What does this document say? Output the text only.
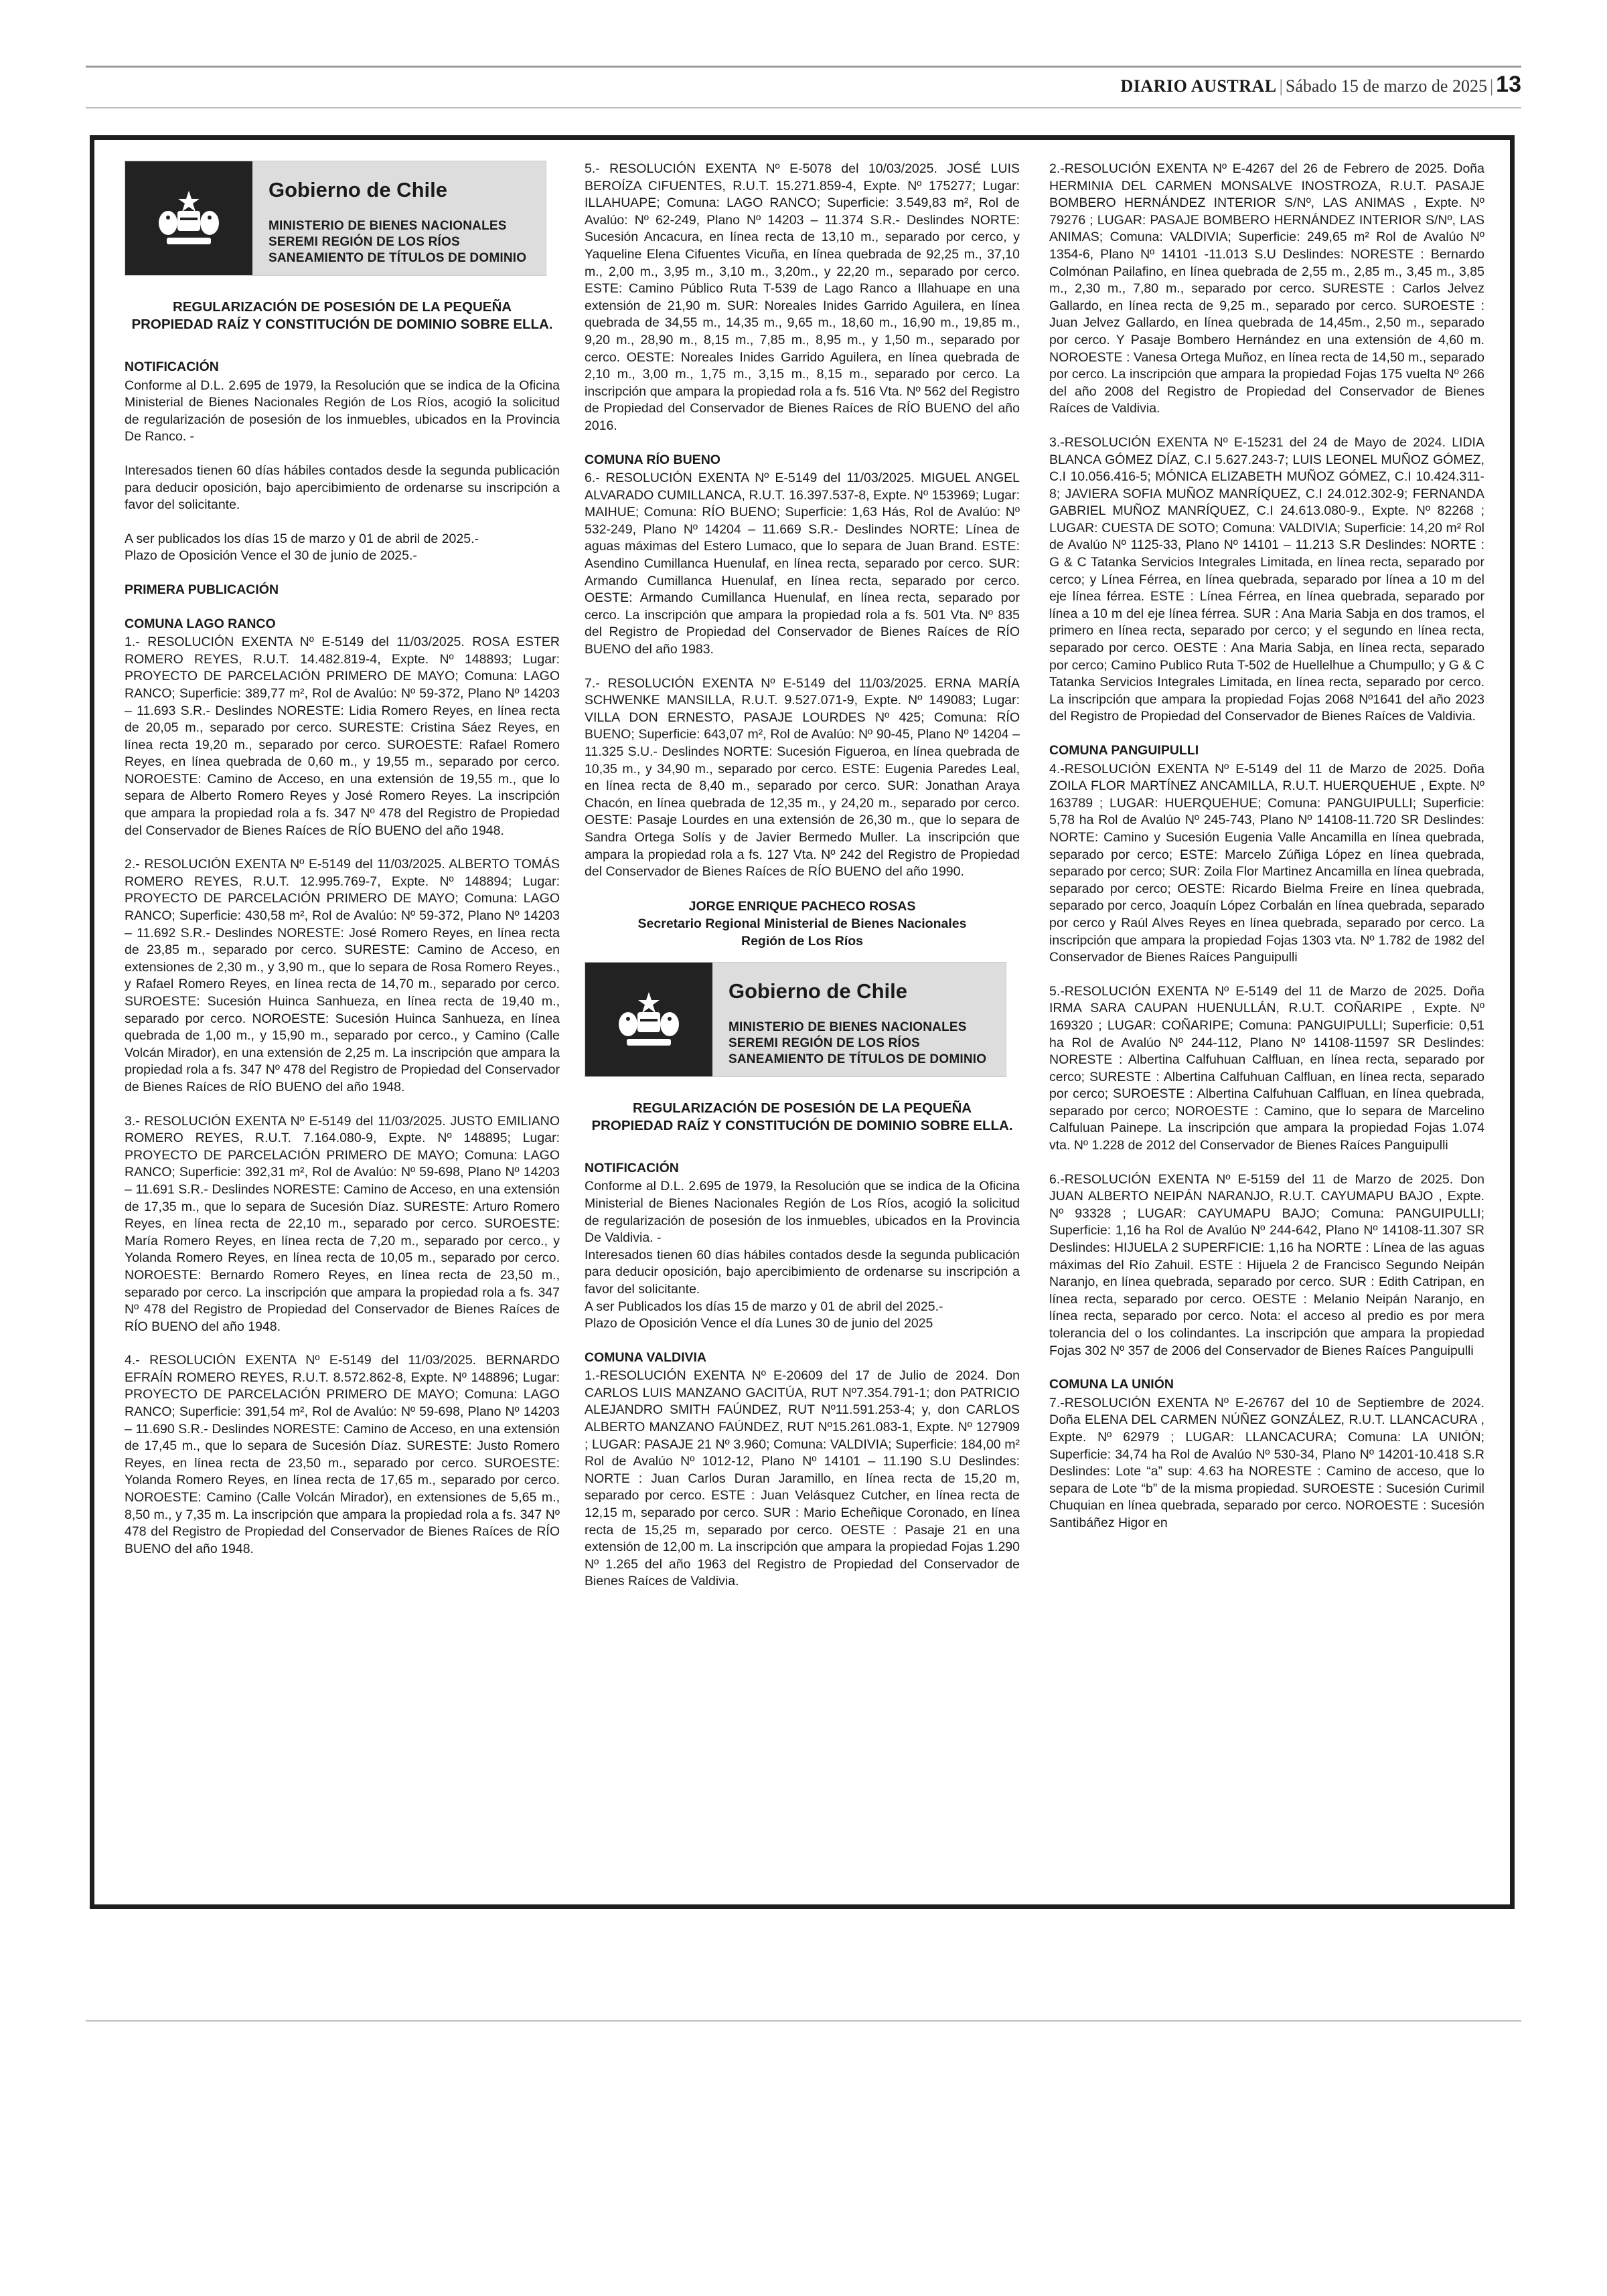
DIARIO AUSTRAL | Sábado 15 de marzo de 2025 | 13
Gobierno de Chile
MINISTERIO DE BIENES NACIONALES
SEREMI REGIÓN DE LOS RÍOS
SANEAMIENTO DE TÍTULOS DE DOMINIO
REGULARIZACIÓN DE POSESIÓN DE LA PEQUEÑA
PROPIEDAD RAÍZ Y CONSTITUCIÓN DE DOMINIO SOBRE ELLA.
NOTIFICACIÓN

Conforme al D.L. 2.695 de 1979, la Resolución que se indica de la Oficina Ministerial de Bienes Nacionales Región de Los Ríos, acogió la solicitud de regularización de posesión de los inmuebles, ubicados en la Provincia De Ranco. -

Interesados tienen 60 días hábiles contados desde la segunda publicación para deducir oposición, bajo apercibimiento de ordenarse su inscripción a favor del solicitante.

A ser publicados los días 15 de marzo y 01 de abril de 2025.-
Plazo de Oposición Vence el 30 de junio de 2025.-

PRIMERA PUBLICACIÓN

COMUNA LAGO RANCO

1.- RESOLUCIÓN EXENTA Nº E-5149 del 11/03/2025. ROSA ESTER ROMERO REYES, R.U.T. 14.482.819-4, Expte. Nº 148893; Lugar: PROYECTO DE PARCELACIÓN PRIMERO DE MAYO; Comuna: LAGO RANCO; Superficie: 389,77 m², Rol de Avalúo: Nº 59-372, Plano Nº 14203 – 11.693 S.R.- Deslindes NORESTE: Lidia Romero Reyes, en línea recta de 20,05 m., separado por cerco. SURESTE: Cristina Sáez Reyes, en línea recta 19,20 m., separado por cerco. SUROESTE: Rafael Romero Reyes, en línea quebrada de 0,60 m., y 19,55 m., separado por cerco. NOROESTE: Camino de Acceso, en una extensión de 19,55 m., que lo separa de Alberto Romero Reyes y José Romero Reyes. La inscripción que ampara la propiedad rola a fs. 347 Nº 478 del Registro de Propiedad del Conservador de Bienes Raíces de RÍO BUENO del año 1948.

2.- RESOLUCIÓN EXENTA Nº E-5149 del 11/03/2025. ALBERTO TOMÁS ROMERO REYES, R.U.T. 12.995.769-7, Expte. Nº 148894; Lugar: PROYECTO DE PARCELACIÓN PRIMERO DE MAYO; Comuna: LAGO RANCO; Superficie: 430,58 m², Rol de Avalúo: Nº 59-372, Plano Nº 14203 – 11.692 S.R.- Deslindes NORESTE: José Romero Reyes, en línea recta de 23,85 m., separado por cerco. SURESTE: Camino de Acceso, en extensiones de 2,30 m., y 3,90 m., que lo separa de Rosa Romero Reyes., y Rafael Romero Reyes, en línea recta de 14,70 m., separado por cerco. SUROESTE: Sucesión Huinca Sanhueza, en línea recta de 19,40 m., separado por cerco. NOROESTE: Sucesión Huinca Sanhueza, en línea quebrada de 1,00 m., y 15,90 m., separado por cerco., y Camino (Calle Volcán Mirador), en una extensión de 2,25 m. La inscripción que ampara la propiedad rola a fs. 347 Nº 478 del Registro de Propiedad del Conservador de Bienes Raíces de RÍO BUENO del año 1948.

3.- RESOLUCIÓN EXENTA Nº E-5149 del 11/03/2025. JUSTO EMILIANO ROMERO REYES, R.U.T. 7.164.080-9, Expte. Nº 148895; Lugar: PROYECTO DE PARCELACIÓN PRIMERO DE MAYO; Comuna: LAGO RANCO; Superficie: 392,31 m², Rol de Avalúo: Nº 59-698, Plano Nº 14203 – 11.691 S.R.- Deslindes NORESTE: Camino de Acceso, en una extensión de 17,35 m., que lo separa de Sucesión Díaz. SURESTE: Arturo Romero Reyes, en línea recta de 22,10 m., separado por cerco. SUROESTE: María Romero Reyes, en línea recta de 7,20 m., separado por cerco., y Yolanda Romero Reyes, en línea recta de 10,05 m., separado por cerco. NOROESTE: Bernardo Romero Reyes, en línea recta de 23,50 m., separado por cerco. La inscripción que ampara la propiedad rola a fs. 347 Nº 478 del Registro de Propiedad del Conservador de Bienes Raíces de RÍO BUENO del año 1948.

4.- RESOLUCIÓN EXENTA Nº E-5149 del 11/03/2025. BERNARDO EFRAÍN ROMERO REYES, R.U.T. 8.572.862-8, Expte. Nº 148896; Lugar: PROYECTO DE PARCELACIÓN PRIMERO DE MAYO; Comuna: LAGO RANCO; Superficie: 391,54 m², Rol de Avalúo: Nº 59-698, Plano Nº 14203 – 11.690 S.R.- Deslindes NORESTE: Camino de Acceso, en una extensión de 17,45 m., que lo separa de Sucesión Díaz. SURESTE: Justo Romero Reyes, en línea recta de 23,50 m., separado por cerco. SUROESTE: Yolanda Romero Reyes, en línea recta de 17,65 m., separado por cerco. NOROESTE: Camino (Calle Volcán Mirador), en extensiones de 5,65 m., 8,50 m., y 7,35 m. La inscripción que ampara la propiedad rola a fs. 347 Nº 478 del Registro de Propiedad del Conservador de Bienes Raíces de RÍO BUENO del año 1948.

5.- RESOLUCIÓN EXENTA Nº E-5078 del 10/03/2025. JOSÉ LUIS BEROÍZA CIFUENTES, R.U.T. 15.271.859-4, Expte. Nº 175277; Lugar: ILLAHUAPE; Comuna: LAGO RANCO; Superficie: 3.549,83 m², Rol de Avalúo: Nº 62-249, Plano Nº 14203 – 11.374 S.R.- Deslindes NORTE: Sucesión Ancacura, en línea recta de 13,10 m., separado por cerco, y Yaqueline Elena Cifuentes Vicuña, en línea quebrada de 92,25 m., 37,10 m., 2,00 m., 3,95 m., 3,10 m., 3,20m., y 22,20 m., separado por cerco. ESTE: Camino Público Ruta T-539 de Lago Ranco a Illahuape en una extensión de 21,90 m. SUR: Noreales Inides Garrido Aguilera, en línea quebrada de 34,55 m., 14,35 m., 9,65 m., 18,60 m., 16,90 m., 19,85 m., 9,20 m., 28,90 m., 8,15 m., 7,85 m., 8,95 m., y 1,50 m., separado por cerco. OESTE: Noreales Inides Garrido Aguilera, en línea quebrada de 2,10 m., 3,00 m., 1,75 m., 3,15 m., 8,15 m., separado por cerco. La inscripción que ampara la propiedad rola a fs. 516 Vta. Nº 562 del Registro de Propiedad del Conservador de Bienes Raíces de RÍO BUENO del año 2016.

COMUNA RÍO BUENO

6.- RESOLUCIÓN EXENTA Nº E-5149 del 11/03/2025. MIGUEL ANGEL ALVARADO CUMILLANCA, R.U.T. 16.397.537-8, Expte. Nº 153969; Lugar: MAIHUE; Comuna: RÍO BUENO; Superficie: 1,63 Hás, Rol de Avalúo: Nº 532-249, Plano Nº 14204 – 11.669 S.R.- Deslindes NORTE: Línea de aguas máximas del Estero Lumaco, que lo separa de Juan Brand. ESTE: Asendino Cumillanca Huenulaf, en línea recta, separado por cerco. SUR: Armando Cumillanca Huenulaf, en línea recta, separado por cerco. OESTE: Armando Cumillanca Huenulaf, en línea recta, separado por cerco. La inscripción que ampara la propiedad rola a fs. 501 Vta. Nº 835 del Registro de Propiedad del Conservador de Bienes Raíces de RÍO BUENO del año 1983.

7.- RESOLUCIÓN EXENTA Nº E-5149 del 11/03/2025. ERNA MARÍA SCHWENKE MANSILLA, R.U.T. 9.527.071-9, Expte. Nº 149083; Lugar: VILLA DON ERNESTO, PASAJE LOURDES Nº 425; Comuna: RÍO BUENO; Superficie: 643,07 m², Rol de Avalúo: Nº 90-45, Plano Nº 14204 – 11.325 S.U.- Deslindes NORTE: Sucesión Figueroa, en línea quebrada de 10,35 m., y 34,90 m., separado por cerco. ESTE: Eugenia Paredes Leal, en línea recta de 8,40 m., separado por cerco. SUR: Jonathan Araya Chacón, en línea quebrada de 12,35 m., y 24,20 m., separado por cerco. OESTE: Pasaje Lourdes en una extensión de 26,30 m., que lo separa de Sandra Ortega Solís y de Javier Bermedo Muller. La inscripción que ampara la propiedad rola a fs. 127 Vta. Nº 242 del Registro de Propiedad del Conservador de Bienes Raíces de RÍO BUENO del año 1990.

JORGE ENRIQUE PACHECO ROSAS
Secretario Regional Ministerial de Bienes Nacionales
Región de Los Ríos
Gobierno de Chile
MINISTERIO DE BIENES NACIONALES
SEREMI REGIÓN DE LOS RÍOS
SANEAMIENTO DE TÍTULOS DE DOMINIO
REGULARIZACIÓN DE POSESIÓN DE LA PEQUEÑA
PROPIEDAD RAÍZ Y CONSTITUCIÓN DE DOMINIO SOBRE ELLA.
NOTIFICACIÓN

Conforme al D.L. 2.695 de 1979, la Resolución que se indica de la Oficina Ministerial de Bienes Nacionales Región de Los Ríos, acogió la solicitud de regularización de posesión de los inmuebles, ubicados en la Provincia De Valdivia. -

Interesados tienen 60 días hábiles contados desde la segunda publicación para deducir oposición, bajo apercibimiento de ordenarse su inscripción a favor del solicitante.

A ser Publicados los días 15 de marzo y 01 de abril del 2025.-
Plazo de Oposición Vence el día Lunes 30 de junio del 2025

COMUNA VALDIVIA

1.-RESOLUCIÓN EXENTA Nº E-20609 del 17 de Julio de 2024. Don CARLOS LUIS MANZANO GACITÚA, RUT Nº7.354.791-1; don PATRICIO ALEJANDRO SMITH FAÚNDEZ, RUT Nº11.591.253-4; y, don CARLOS ALBERTO MANZANO FAÚNDEZ, RUT Nº15.261.083-1, Expte. Nº 127909 ; LUGAR: PASAJE 21 Nº 3.960; Comuna: VALDIVIA; Superficie: 184,00 m² Rol de Avalúo Nº 1012-12, Plano Nº 14101 – 11.190 S.U Deslindes: NORTE : Juan Carlos Duran Jaramillo, en línea recta de 15,20 m, separado por cerco. ESTE : Juan Velásquez Cutcher, en línea recta de 12,15 m, separado por cerco. SUR : Mario Echeñique Coronado, en línea recta de 15,25 m, separado por cerco. OESTE : Pasaje 21 en una extensión de 12,00 m. La inscripción que ampara la propiedad Fojas 1.290 Nº 1.265 del año 1963 del Registro de Propiedad del Conservador de Bienes Raíces de Valdivia.

2.-RESOLUCIÓN EXENTA Nº E-4267 del 26 de Febrero de 2025. Doña HERMINIA DEL CARMEN MONSALVE INOSTROZA, R.U.T. PASAJE BOMBERO HERNÁNDEZ INTERIOR S/Nº, LAS ANIMAS , Expte. Nº 79276 ; LUGAR: PASAJE BOMBERO HERNÁNDEZ INTERIOR S/Nº, LAS ANIMAS; Comuna: VALDIVIA; Superficie: 249,65 m² Rol de Avalúo Nº 1354-6, Plano Nº 14101 -11.013 S.U Deslindes: NORESTE : Bernardo Colmónan Pailafino, en línea quebrada de 2,55 m., 2,85 m., 3,45 m., 3,85 m., 2,30 m., 7,80 m., separado por cerco. SURESTE : Carlos Jelvez Gallardo, en línea recta de 9,25 m., separado por cerco. SUROESTE : Juan Jelvez Gallardo, en línea quebrada de 14,45m., 2,50 m., separado por cerco. Y Pasaje Bombero Hernández en una extensión de 4,60 m. NOROESTE : Vanesa Ortega Muñoz, en línea recta de 14,50 m., separado por cerco. La inscripción que ampara la propiedad Fojas 175 vuelta Nº 266 del año 2008 del Registro de Propiedad del Conservador de Bienes Raíces de Valdivia.

3.-RESOLUCIÓN EXENTA Nº E-15231 del 24 de Mayo de 2024. LIDIA BLANCA GÓMEZ DÍAZ, C.I 5.627.243-7; LUIS LEONEL MUÑOZ GÓMEZ, C.I 10.056.416-5; MÓNICA ELIZABETH MUÑOZ GÓMEZ, C.I 10.424.311-8; JAVIERA SOFIA MUÑOZ MANRÍQUEZ, C.I 24.012.302-9; FERNANDA GABRIEL MUÑOZ MANRÍQUEZ, C.I 24.613.080-9., Expte. Nº 82268 ; LUGAR: CUESTA DE SOTO; Comuna: VALDIVIA; Superficie: 14,20 m² Rol de Avalúo Nº 1125-33, Plano Nº 14101 – 11.213 S.R Deslindes: NORTE : G & C Tatanka Servicios Integrales Limitada, en línea recta, separado por cerco; y Línea Férrea, en línea quebrada, separado por línea a 10 m del eje línea férrea. ESTE : Línea Férrea, en línea quebrada, separado por línea a 10 m del eje línea férrea. SUR : Ana Maria Sabja en dos tramos, el primero en línea recta, separado por cerco; y el segundo en línea recta, separado por cerco. OESTE : Ana Maria Sabja, en línea recta, separado por cerco; Camino Publico Ruta T-502 de Huellelhue a Chumpullo; y G & C Tatanka Servicios Integrales Limitada, en línea recta, separado por cerco. La inscripción que ampara la propiedad Fojas 2068 Nº1641 del año 2023 del Registro de Propiedad del Conservador de Bienes Raíces de Valdivia.

COMUNA PANGUIPULLI

4.-RESOLUCIÓN EXENTA Nº E-5149 del 11 de Marzo de 2025. Doña ZOILA FLOR MARTÍNEZ ANCAMILLA, R.U.T. HUERQUEHUE , Expte. Nº 163789 ; LUGAR: HUERQUEHUE; Comuna: PANGUIPULLI; Superficie: 5,78 ha Rol de Avalúo Nº 245-743, Plano Nº 14108-11.720 SR Deslindes: NORTE: Camino y Sucesión Eugenia Valle Ancamilla en línea quebrada, separado por cerco; ESTE: Marcelo Zúñiga López en línea quebrada, separado por cerco; SUR: Zoila Flor Martinez Ancamilla en línea quebrada, separado por cerco; OESTE: Ricardo Bielma Freire en línea quebrada, separado por cerco, Joaquín López Corbalán en línea quebrada, separado por cerco y Raúl Alves Reyes en línea quebrada, separado por cerco. La inscripción que ampara la propiedad Fojas 1303 vta. Nº 1.782 de 1982 del Conservador de Bienes Raíces Panguipulli

5.-RESOLUCIÓN EXENTA Nº E-5149 del 11 de Marzo de 2025. Doña IRMA SARA CAUPAN HUENULLÁN, R.U.T. COÑARIPE , Expte. Nº 169320 ; LUGAR: COÑARIPE; Comuna: PANGUIPULLI; Superficie: 0,51 ha Rol de Avalúo Nº 244-112, Plano Nº 14108-11597 SR Deslindes: NORESTE : Albertina Calfuhuan Calfluan, en línea recta, separado por cerco; SURESTE : Albertina Calfuhuan Calfluan, en línea recta, separado por cerco; SUROESTE : Albertina Calfuhuan Calfluan, en línea quebrada, separado por cerco; NOROESTE : Camino, que lo separa de Marcelino Calfuluan Painepe. La inscripción que ampara la propiedad Fojas 1.074 vta. Nº 1.228 de 2012 del Conservador de Bienes Raíces Panguipulli

6.-RESOLUCIÓN EXENTA Nº E-5159 del 11 de Marzo de 2025. Don JUAN ALBERTO NEIPÁN NARANJO, R.U.T. CAYUMAPU BAJO , Expte. Nº 93328 ; LUGAR: CAYUMAPU BAJO; Comuna: PANGUIPULLI; Superficie: 1,16 ha Rol de Avalúo Nº 244-642, Plano Nº 14108-11.307 SR Deslindes: HIJUELA 2 SUPERFICIE: 1,16 ha NORTE : Línea de las aguas máximas del Río Zahuil. ESTE : Hijuela 2 de Francisco Segundo Neipán Naranjo, en línea quebrada, separado por cerco. SUR : Edith Catripan, en línea recta, separado por cerco. OESTE : Melanio Neipán Naranjo, en línea recta, separado por cerco. Nota: el acceso al predio es por mera tolerancia del o los colindantes. La inscripción que ampara la propiedad Fojas 302 Nº 357 de 2006 del Conservador de Bienes Raíces Panguipulli

COMUNA LA UNIÓN

7.-RESOLUCIÓN EXENTA Nº E-26767 del 10 de Septiembre de 2024. Doña ELENA DEL CARMEN NÚÑEZ GONZÁLEZ, R.U.T. LLANCACURA , Expte. Nº 62979 ; LUGAR: LLANCACURA; Comuna: LA UNIÓN; Superficie: 34,74 ha Rol de Avalúo Nº 530-34, Plano Nº 14201-10.418 S.R Deslindes: Lote “a” sup: 4.63 ha NORESTE : Camino de acceso, que lo separa de Lote “b” de la misma propiedad. SUROESTE : Sucesión Curimil Chuquian en línea quebrada, separado por cerco. NOROESTE : Sucesión Santibáñez Higor en
